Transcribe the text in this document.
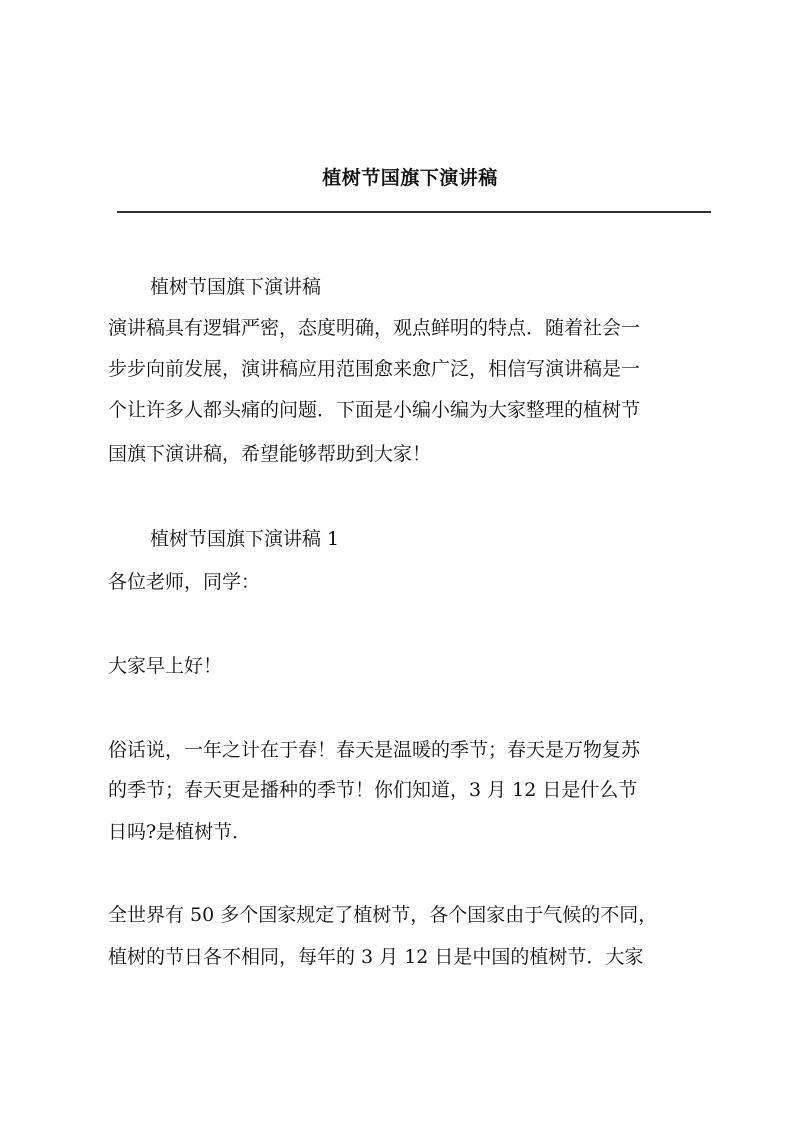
植树节国旗下演讲稿
植树节国旗下演讲稿
演讲稿具有逻辑严密，态度明确，观点鲜明的特点．随着社会一
步步向前发展，演讲稿应用范围愈来愈广泛，相信写演讲稿是一
个让许多人都头痛的问题．下面是小编小编为大家整理的植树节
国旗下演讲稿，希望能够帮助到大家！
植树节国旗下演讲稿 1
各位老师，同学：
大家早上好！
俗话说，一年之计在于春！春天是温暖的季节；春天是万物复苏
的季节；春天更是播种的季节！你们知道，3 月 12 日是什么节
日吗?是植树节．
全世界有 50 多个国家规定了植树节，各个国家由于气候的不同，
植树的节日各不相同，每年的 3 月 12 日是中国的植树节．大家
